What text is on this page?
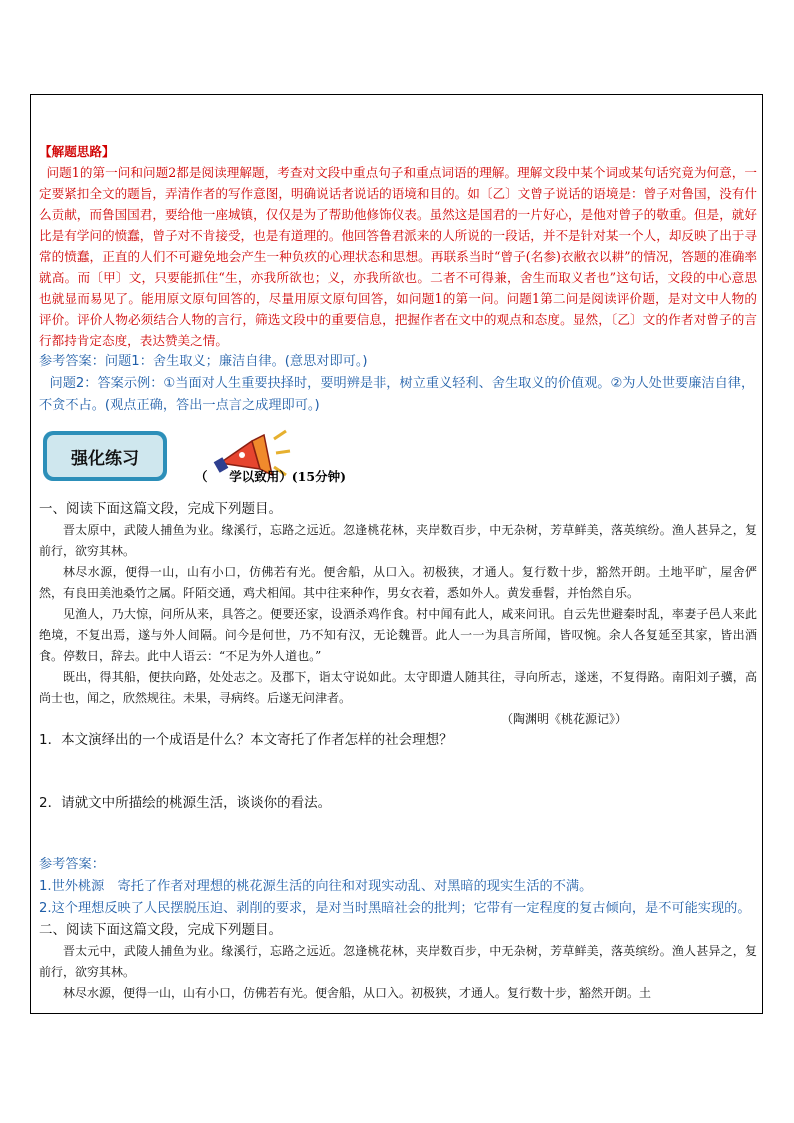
【解题思路】

问题1的第一问和问题2都是阅读理解题，考查对文段中重点句子和重点词语的理解。理解文段中某个词或某句话究竟为何意，一定要紧扣全文的题旨，弄清作者的写作意图，明确说话者说话的语境和目的。如〔乙〕文曾子说话的语境是：曾子对鲁国，没有什么贡献，而鲁国国君，要给他一座城镇，仅仅是为了帮助他修饰仪表。虽然这是国君的一片好心，是他对曾子的敬重。但是，就好比是有学问的愤蠢，曾子对不肯接受，也是有道理的。他回答鲁君派来的人所说的一段话，并不是针对某一个人，却反映了出于寻常的愤蠢，正直的人们不可避免地会产生一种负疚的心理状态和思想。再联系当时“曾子(名参)衣敝衣以耕”的情况，答题的准确率就高。而〔甲〕文，只要能抓住“生，亦我所欲也；义，亦我所欲也。二者不可得兼，舍生而取义者也”这句话，文段的中心意思也就显而易见了。能用原文原句回答的，尽量用原文原句回答，如问题1的第一问。问题1第二问是阅读评价题，是对文中人物的评价。评价人物必须结合人物的言行，筛选文段中的重要信息，把握作者在文中的观点和态度。显然，〔乙〕文的作者对曾子的言行都持肯定态度，表达赞美之情。

参考答案：问题1：舍生取义；廉洁自律。(意思对即可。)

问题2：答案示例：①当面对人生重要抉择时，要明辨是非，树立重义轻利、舍生取义的价值观。②为人处世要廉洁自律，不贪不占。(观点正确，答出一点言之成理即可。)

强化练习
（     学以致用）(15分钟)

一、阅读下面这篇文段，完成下列题目。

晋太原中，武陵人捕鱼为业。缘溪行，忘路之远近。忽逢桃花林，夹岸数百步，中无杂树，芳草鲜美，落英缤纷。渔人甚异之，复前行，欲穷其林。

林尽水源，便得一山，山有小口，仿佛若有光。便舍船，从口入。初极狭，才通人。复行数十步，豁然开朗。土地平旷，屋舍俨然，有良田美池桑竹之属。阡陌交通，鸡犬相闻。其中往来种作，男女衣着，悉如外人。黄发垂髫，并怡然自乐。

见渔人，乃大惊，问所从来，具答之。便要还家，设酒杀鸡作食。村中闻有此人，咸来问讯。自云先世避秦时乱，率妻子邑人来此绝境，不复出焉，遂与外人间隔。问今是何世，乃不知有汉，无论魏晋。此人一一为具言所闻，皆叹惋。余人各复延至其家，皆出酒食。停数日，辞去。此中人语云：“不足为外人道也。”

既出，得其船，便扶向路，处处志之。及郡下，诣太守说如此。太守即遣人随其往，寻向所志，遂迷，不复得路。南阳刘子骥，高尚士也，闻之，欣然规往。未果，寻病终。后遂无问津者。

（陶渊明《桃花源记》）

1．本文演绎出的一个成语是什么？本文寄托了作者怎样的社会理想？

2．请就文中所描绘的桃源生活，谈谈你的看法。

参考答案：

1.世外桃源　寄托了作者对理想的桃花源生活的向往和对现实动乱、对黑暗的现实生活的不满。

2.这个理想反映了人民摆脱压迫、剥削的要求，是对当时黑暗社会的批判；它带有一定程度的复古倾向，是不可能实现的。

二、阅读下面这篇文段，完成下列题目。

晋太元中，武陵人捕鱼为业。缘溪行，忘路之远近。忽逢桃花林，夹岸数百步，中无杂树，芳草鲜美，落英缤纷。渔人甚异之，复前行，欲穷其林。

林尽水源，便得一山，山有小口，仿佛若有光。便舍船，从口入。初极狭，才通人。复行数十步，豁然开朗。土
